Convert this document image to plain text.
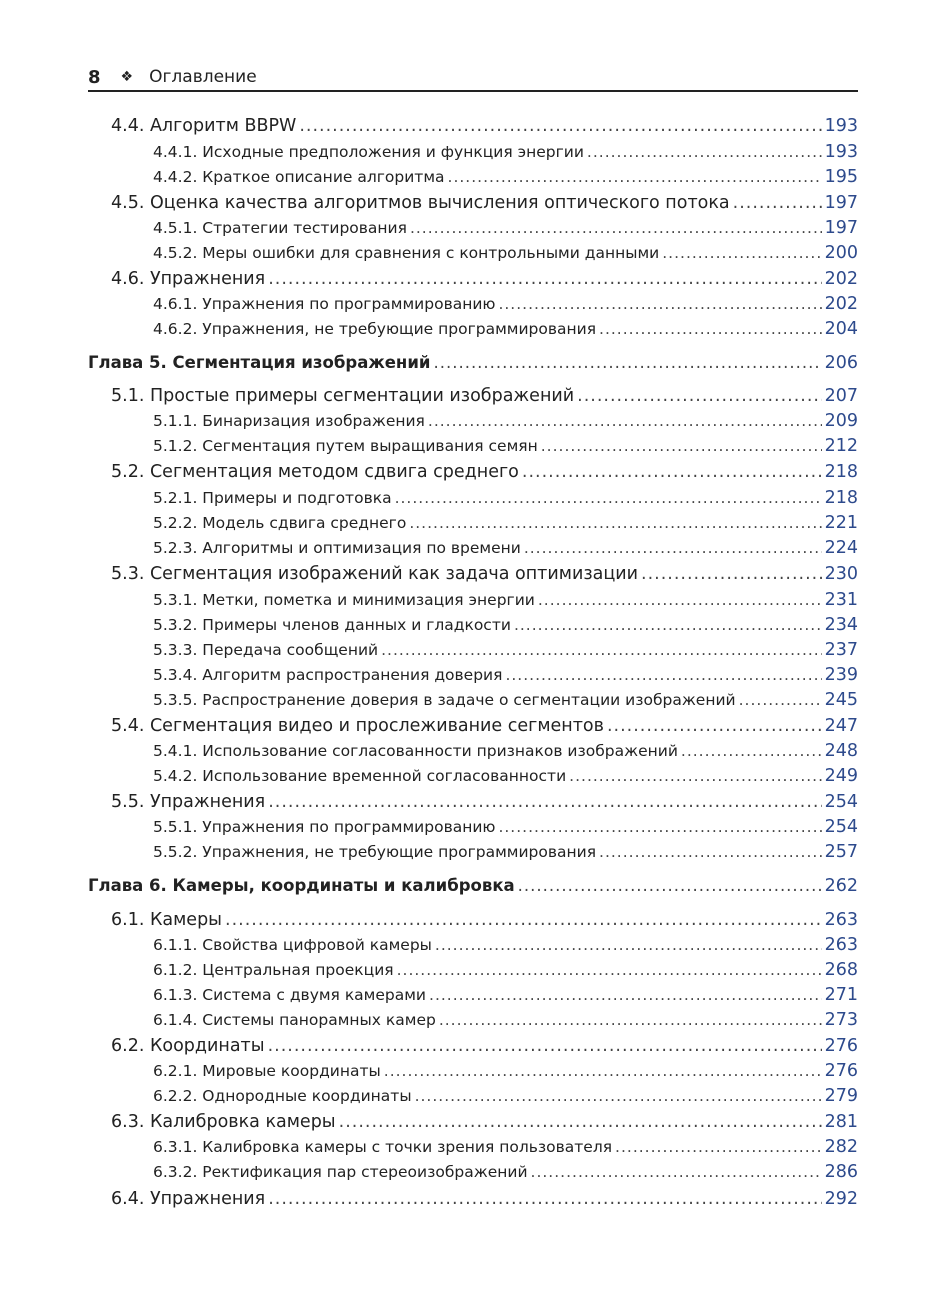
8 ❖ Оглавление
4.4. Алгоритм BBPW .....	193
4.4.1. Исходные предположения и функция энергии .....	193
4.4.2. Краткое описание алгоритма .....	195
4.5. Оценка качества алгоритмов вычисления оптического потока .....	197
4.5.1. Стратегии тестирования .....	197
4.5.2. Меры ошибки для сравнения с контрольными данными .....	200
4.6. Упражнения .....	202
4.6.1. Упражнения по программированию .....	202
4.6.2. Упражнения, не требующие программирования .....	204
Глава 5. Сегментация изображений .....	206
5.1. Простые примеры сегментации изображений .....	207
5.1.1. Бинаризация изображения .....	209
5.1.2. Сегментация путем выращивания семян .....	212
5.2. Сегментация методом сдвига среднего .....	218
5.2.1. Примеры и подготовка .....	218
5.2.2. Модель сдвига среднего .....	221
5.2.3. Алгоритмы и оптимизация по времени .....	224
5.3. Сегментация изображений как задача оптимизации .....	230
5.3.1. Метки, пометка и минимизация энергии .....	231
5.3.2. Примеры членов данных и гладкости .....	234
5.3.3. Передача сообщений .....	237
5.3.4. Алгоритм распространения доверия .....	239
5.3.5. Распространение доверия в задаче о сегментации изображений .....	245
5.4. Сегментация видео и прослеживание сегментов .....	247
5.4.1. Использование согласованности признаков изображений .....	248
5.4.2. Использование временной согласованности .....	249
5.5. Упражнения .....	254
5.5.1. Упражнения по программированию .....	254
5.5.2. Упражнения, не требующие программирования .....	257
Глава 6. Камеры, координаты и калибровка .....	262
6.1. Камеры .....	263
6.1.1. Свойства цифровой камеры .....	263
6.1.2. Центральная проекция .....	268
6.1.3. Система с двумя камерами .....	271
6.1.4. Системы панорамных камер .....	273
6.2. Координаты .....	276
6.2.1. Мировые координаты .....	276
6.2.2. Однородные координаты .....	279
6.3. Калибровка камеры .....	281
6.3.1. Калибровка камеры с точки зрения пользователя .....	282
6.3.2. Ректификация пар стереоизображений .....	286
6.4. Упражнения .....	292
